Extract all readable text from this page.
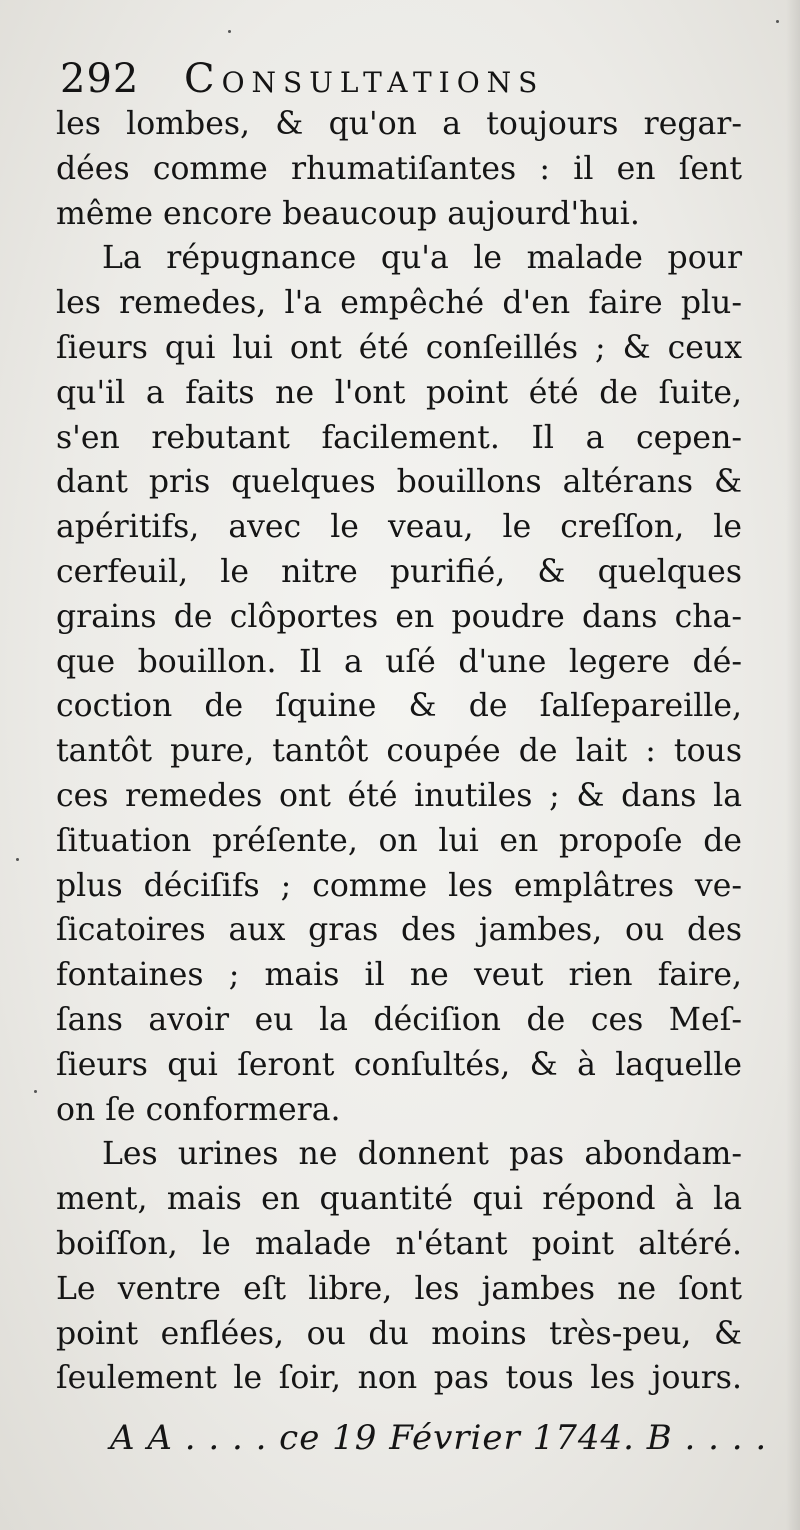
292 Consultations
les lombes, & qu'on a toujours regar-
dées comme rhumatiſantes : il en ſent
même encore beaucoup aujourd'hui.
La répugnance qu'a le malade pour
les remedes, l'a empêché d'en faire plu-
ſieurs qui lui ont été conſeillés ; & ceux
qu'il a faits ne l'ont point été de ſuite,
s'en rebutant facilement. Il a cepen-
dant pris quelques bouillons altérans &
apéritifs, avec le veau, le creſſon, le
cerfeuil, le nitre purifié, & quelques
grains de clôportes en poudre dans cha-
que bouillon. Il a uſé d'une legere dé-
coction de ſquine & de ſalſepareille,
tantôt pure, tantôt coupée de lait : tous
ces remedes ont été inutiles ; & dans la
ſituation préſente, on lui en propoſe de
plus déciſifs ; comme les emplâtres ve-
ſicatoires aux gras des jambes, ou des
fontaines ; mais il ne veut rien faire,
ſans avoir eu la déciſion de ces Meſ-
ſieurs qui ſeront conſultés, & à laquelle
on ſe conformera.
Les urines ne donnent pas abondam-
ment, mais en quantité qui répond à la
boiſſon, le malade n'étant point altéré.
Le ventre eſt libre, les jambes ne ſont
point enflées, ou du moins très-peu, &
ſeulement le ſoir, non pas tous les jours.
A A . . . . ce 19 Février 1744. B . . . .
